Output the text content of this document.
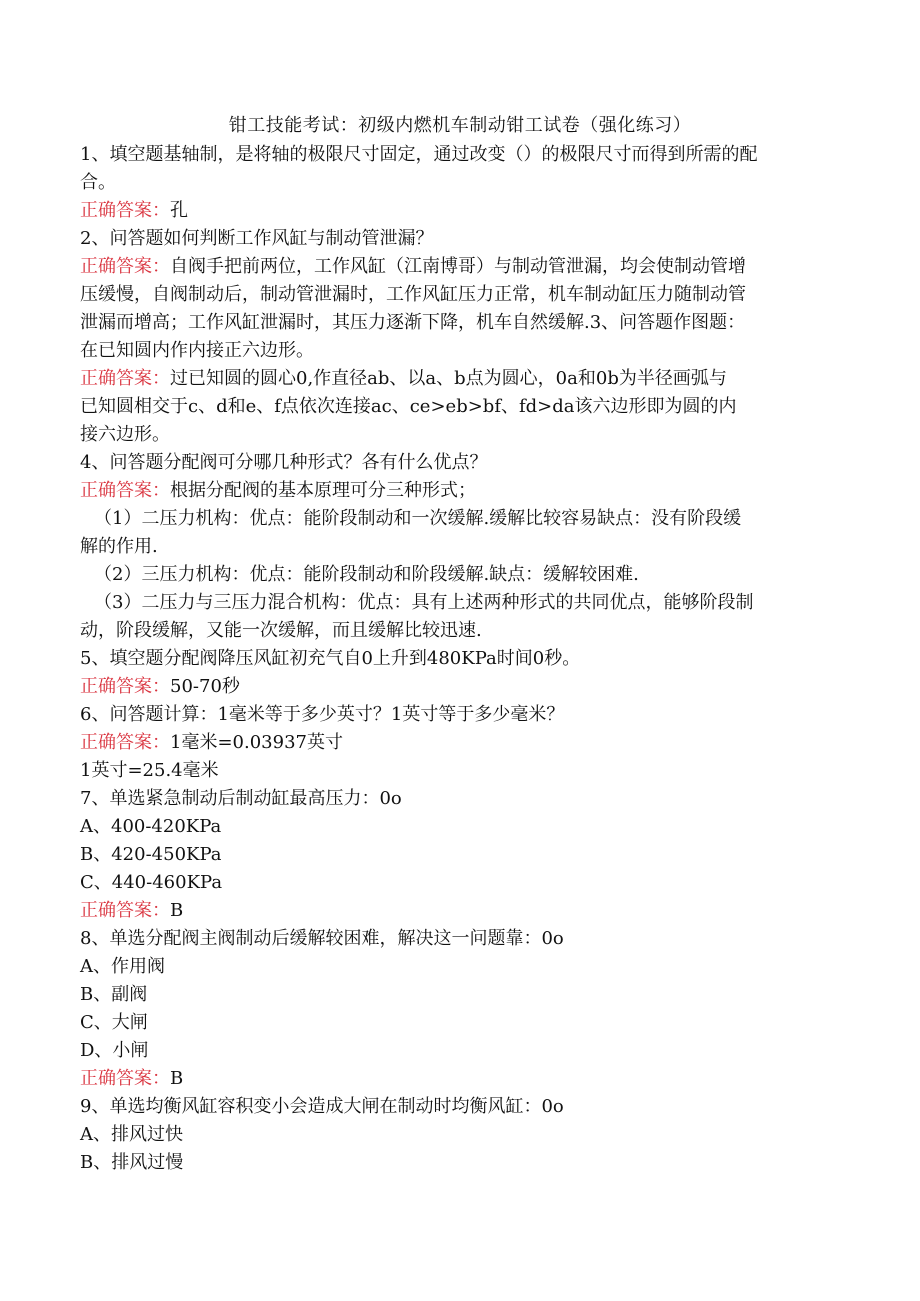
钳工技能考试：初级内燃机车制动钳工试卷（强化练习）
1、填空题基轴制，是将轴的极限尺寸固定，通过改变（）的极限尺寸而得到所需的配
合。
正确答案：孔
2、问答题如何判断工作风缸与制动管泄漏？
正确答案：自阀手把前两位，工作风缸（江南博哥）与制动管泄漏，均会使制动管增
压缓慢，自阀制动后，制动管泄漏时，工作风缸压力正常，机车制动缸压力随制动管
泄漏而增高；工作风缸泄漏时，其压力逐渐下降，机车自然缓解.3、问答题作图题：
在已知圆内作内接正六边形。
正确答案：过已知圆的圆心0,作直径ab、以a、b点为圆心，0a和0b为半径画弧与
已知圆相交于c、d和e、f点依次连接ac、ce>eb>bf、fd>da该六边形即为圆的内
接六边形。
4、问答题分配阀可分哪几种形式？各有什么优点？
正确答案：根据分配阀的基本原理可分三种形式；
（1）二压力机构：优点：能阶段制动和一次缓解.缓解比较容易缺点：没有阶段缓
解的作用.
（2）三压力机构：优点：能阶段制动和阶段缓解.缺点：缓解较困难.
（3）二压力与三压力混合机构：优点：具有上述两种形式的共同优点，能够阶段制
动，阶段缓解，又能一次缓解，而且缓解比较迅速.
5、填空题分配阀降压风缸初充气自0上升到480KPa时间0秒。
正确答案：50-70秒
6、问答题计算：1毫米等于多少英寸？1英寸等于多少毫米？
正确答案：1毫米=0.03937英寸
1英寸=25.4毫米
7、单选紧急制动后制动缸最高压力：0o
A、400-420KPa
B、420-450KPa
C、440-460KPa
正确答案：B
8、单选分配阀主阀制动后缓解较困难，解决这一问题靠：0o
A、作用阀
B、副阀
C、大闸
D、小闸
正确答案：B
9、单选均衡风缸容积变小会造成大闸在制动时均衡风缸：0o
A、排风过快
B、排风过慢
